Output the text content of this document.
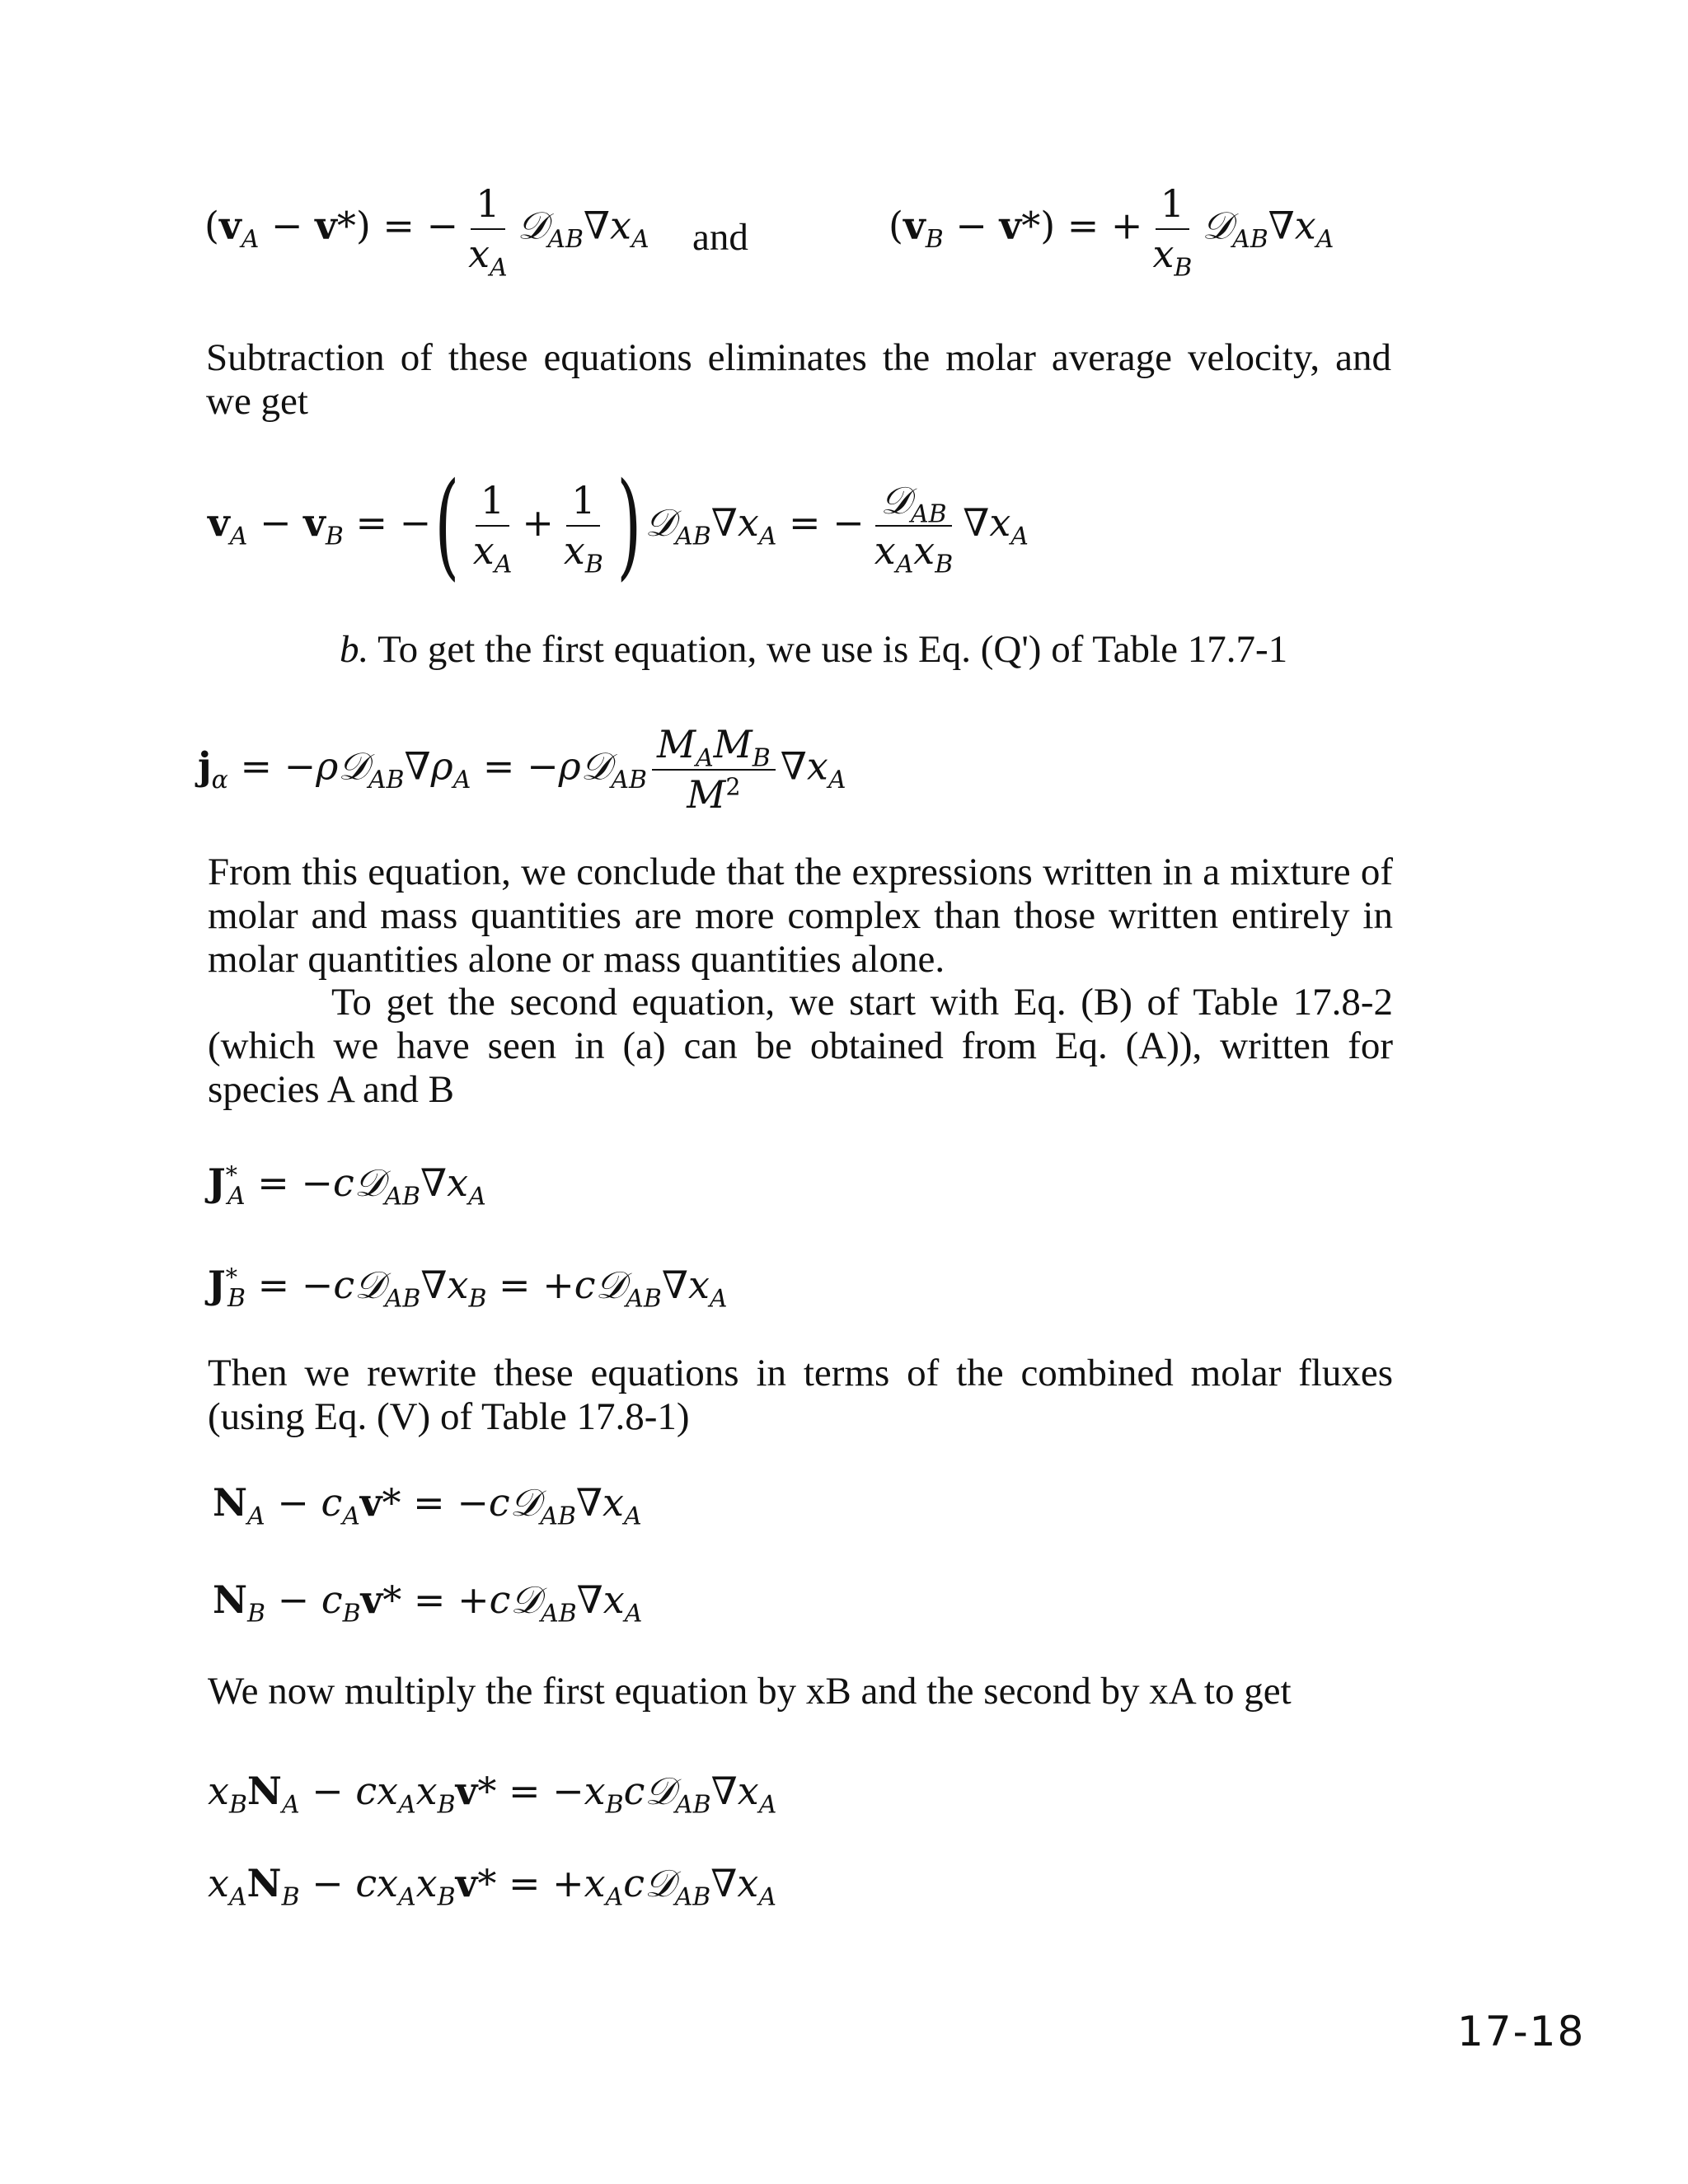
$(v_A - v*)$ = − $\frac{1}{x_A}$ $𝒟_{AB}\nabla x_A$ and	$(v_B - v*)$ = + $\frac{1}{x_B}$ $𝒟_{AB}\nabla x_A$
Subtraction of these equations eliminates the molar average velocity, and we get
$v_A - v_B$ = −( $\frac{1}{x_A} + \frac{1}{x_B}$ )$𝒟_{AB}\nabla x_A$ = − $\frac{𝒟_{AB}}{x_Ax_B} \nabla x_A$
b. To get the first equation, we use is Eq. (Q') of Table 17.7-1
$j_\alpha$ = $-\rho 𝒟_{AB}\nabla\rho_A$ = −ρ𝒟$_{AB}$ $\frac{M_AM_B}{M^2} \nabla x_A$
From this equation, we conclude that the expressions written in a mixture of molar and mass quantities are more complex than those written entirely in molar quantities alone or mass quantities alone.
To get the second equation, we start with Eq. (B) of Table 17.8-2 (which we have seen in (a) can be obtained from Eq. (A)), written for species A and B
$J^*_A$ = $-c𝒟_{AB}\nabla x_A$
$J^*_B$ = $-c𝒟_{AB}\nabla x_B$ = $+c𝒟_{AB}\nabla x_A$
Then we rewrite these equations in terms of the combined molar fluxes (using Eq. (V) of Table 17.8-1)
$N_A - c_Av*$ = $-c𝒟_{AB}\nabla x_A$
$N_B - c_Bv*$ = $+c𝒟_{AB}\nabla x_A$
We now multiply the first equation by xB and the second by xA to get
$x_BN_A - cx_Ax_Bv*$ = $-x_Bc𝒟_{AB}\nabla x_A$
$x_AN_B - cx_Ax_Bv*$ = $+x_Ac𝒟_{AB}\nabla x_A$
17-18
